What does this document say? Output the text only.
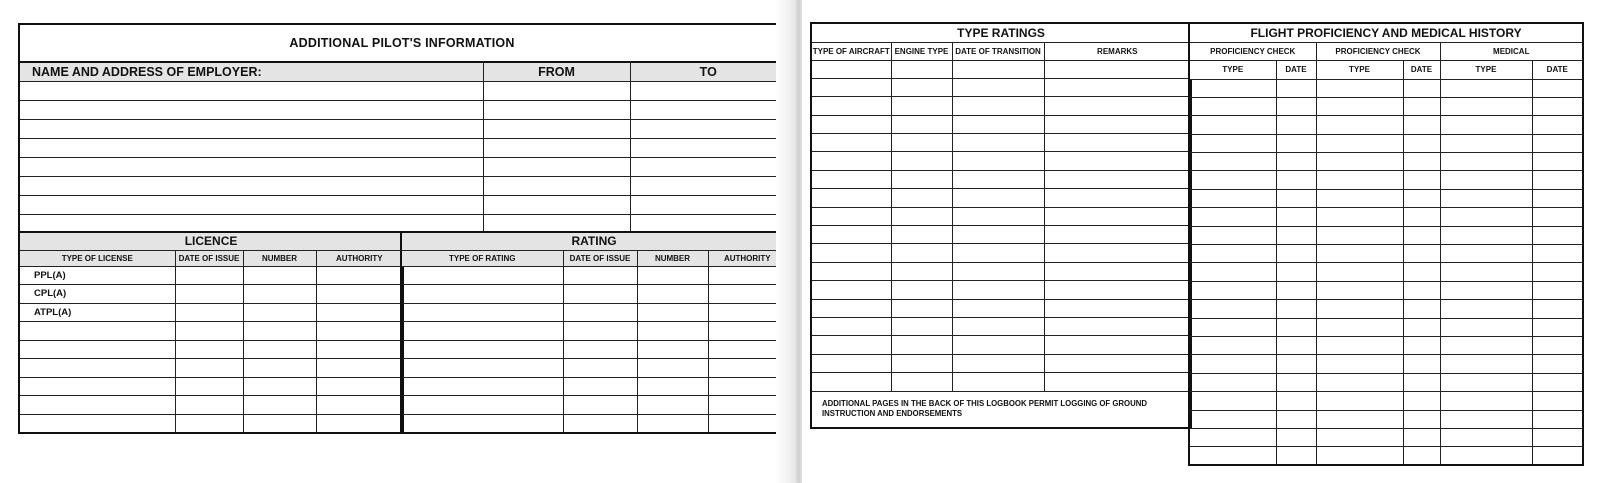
ADDITIONAL PILOT'S INFORMATION
NAME AND ADDRESS OF EMPLOYER:	FROM	TO

LICENCE			
TYPE OF LICENSE	DATE OF ISSUE	NUMBER	AUTHORITY
PPL(A)			
CPL(A)			
ATPL(A)			

RATING			
TYPE OF RATING	DATE OF ISSUE	NUMBER	AUTHORITY

TYPE RATINGS			
TYPE OF AIRCRAFT	ENGINE TYPE	DATE OF TRANSITION	REMARKS

ADDITIONAL PAGES IN THE BACK OF THIS LOGBOOK PERMIT LOGGING OF GROUND INSTRUCTION AND ENDORSEMENTS			
FLIGHT PROFICIENCY AND MEDICAL HISTORY					
PROFICIENCY CHECK		PROFICIENCY CHECK		MEDICAL	
TYPE	DATE	TYPE	DATE	TYPE	DATE
